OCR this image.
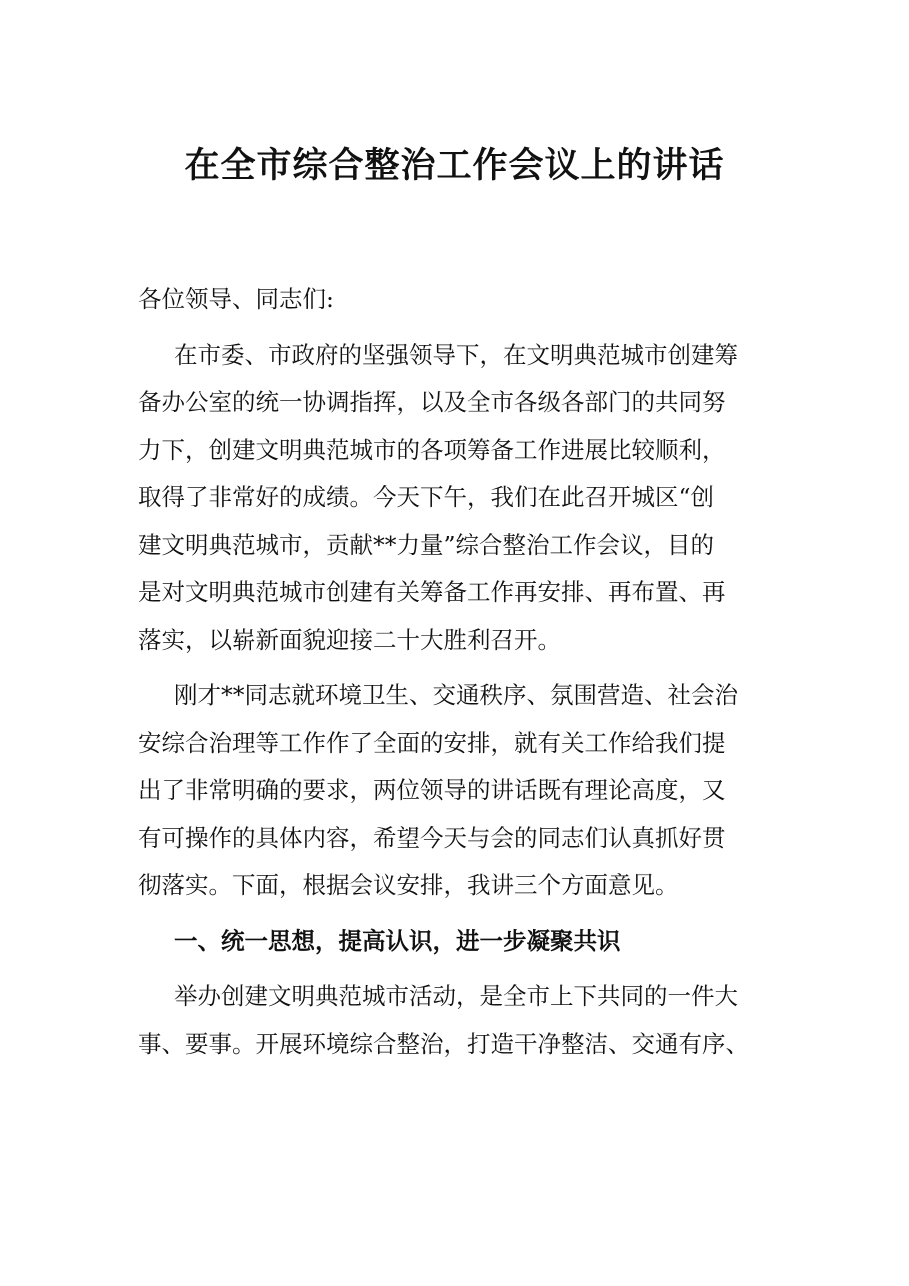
在全市综合整治工作会议上的讲话
各位领导、同志们:
在市委、市政府的坚强领导下，在文明典范城市创建筹
备办公室的统一协调指挥，以及全市各级各部门的共同努
力下，创建文明典范城市的各项筹备工作进展比较顺利，
取得了非常好的成绩。今天下午，我们在此召开城区“创
建文明典范城市，贡献**力量”综合整治工作会议，目的
是对文明典范城市创建有关筹备工作再安排、再布置、再
落实，以崭新面貌迎接二十大胜利召开。
刚才**同志就环境卫生、交通秩序、氛围营造、社会治
安综合治理等工作作了全面的安排，就有关工作给我们提
出了非常明确的要求，两位领导的讲话既有理论高度，又
有可操作的具体内容，希望今天与会的同志们认真抓好贯
彻落实。下面，根据会议安排，我讲三个方面意见。
一、统一思想，提高认识，进一步凝聚共识
举办创建文明典范城市活动，是全市上下共同的一件大
事、要事。开展环境综合整治，打造干净整洁、交通有序、
